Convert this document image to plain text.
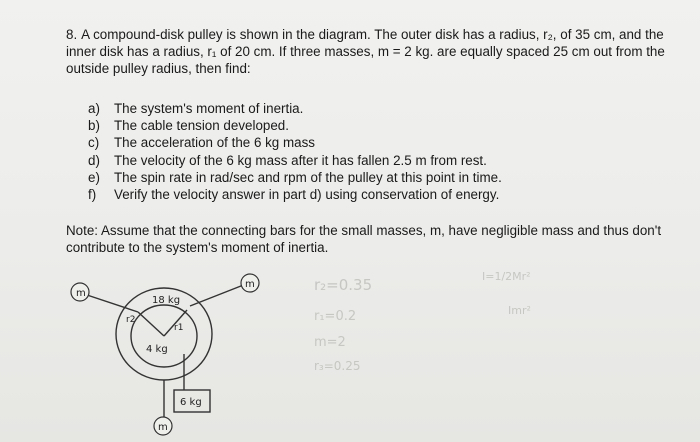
8. A compound-disk pulley is shown in the diagram. The outer disk has a radius, r₂, of 35 cm, and the inner disk has a radius, r₁ of 20 cm. If three masses, m = 2 kg. are equally spaced 25 cm out from the outside pulley radius, then find:
a)	The system's moment of inertia.
b)	The cable tension developed.
c)	The acceleration of the 6 kg mass
d)	The velocity of the 6 kg mass after it has fallen 2.5 m from rest.
e)	The spin rate in rad/sec and rpm of the pulley at this point in time.
f)	Verify the velocity answer in part d) using conservation of energy.
Note: Assume that the connecting bars for the small masses, m, have negligible mass and thus don't contribute to the system's moment of inertia.
m
m
m
18 kg
4 kg
r1
r2
6 kg
r₂=0.35
r₁=0.2
m=2
r₃=0.25
I=1/2Mr²
Imr²
